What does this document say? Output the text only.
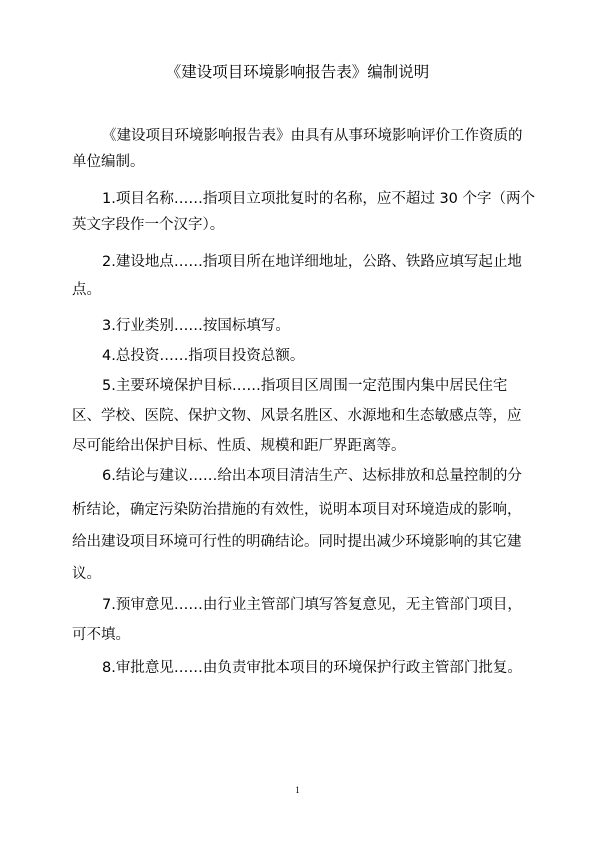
《建设项目环境影响报告表》编制说明
《建设项目环境影响报告表》由具有从事环境影响评价工作资质的
单位编制。
1.项目名称……指项目立项批复时的名称，应不超过 30 个字（两个
英文字段作一个汉字）。
2.建设地点……指项目所在地详细地址，公路、铁路应填写起止地
点。
3.行业类别……按国标填写。
4.总投资……指项目投资总额。
5.主要环境保护目标……指项目区周围一定范围内集中居民住宅
区、学校、医院、保护文物、风景名胜区、水源地和生态敏感点等，应
尽可能给出保护目标、性质、规模和距厂界距离等。
6.结论与建议……给出本项目清洁生产、达标排放和总量控制的分
析结论，确定污染防治措施的有效性，说明本项目对环境造成的影响，
给出建设项目环境可行性的明确结论。同时提出减少环境影响的其它建
议。
7.预审意见……由行业主管部门填写答复意见，无主管部门项目，
可不填。
8.审批意见……由负责审批本项目的环境保护行政主管部门批复。
1
